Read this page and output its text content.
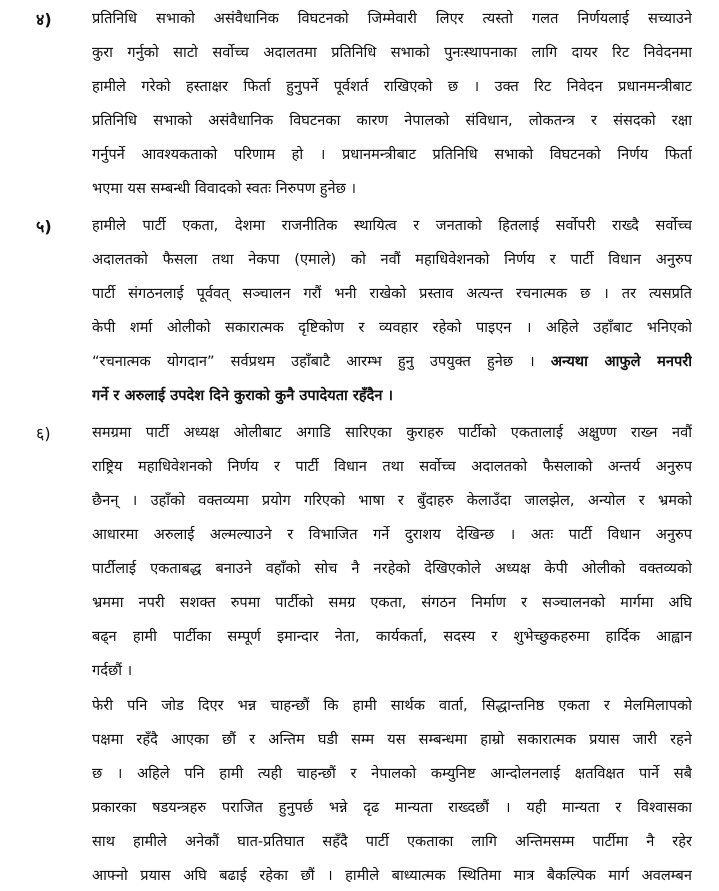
४)	प्रतिनिधि सभाको असंवैधानिक विघटनको जिम्मेवारी लिएर त्यस्तो गलत निर्णयलाई सच्याउने
कुरा गर्नुको साटो सर्वोच्च अदालतमा प्रतिनिधि सभाको पुनःस्थापनाका लागि दायर रिट निवेदनमा
हामीले गरेको हस्ताक्षर फिर्ता हुनुपर्ने पूर्वशर्त राखिएको छ । उक्त रिट निवेदन प्रधानमन्त्रीबाट
प्रतिनिधि सभाको असंवैधानिक विघटनका कारण नेपालको संविधान, लोकतन्त्र र संसदको रक्षा
गर्नुपर्ने आवश्यकताको परिणाम हो । प्रधानमन्त्रीबाट प्रतिनिधि सभाको विघटनको निर्णय फिर्ता
भएमा यस सम्बन्धी विवादको स्वतः निरुपण हुनेछ ।
५)	हामीले पार्टी एकता, देशमा राजनीतिक स्थायित्व र जनताको हितलाई सर्वोपरी राख्दै सर्वोच्च
अदालतको फैसला तथा नेकपा (एमाले) को नवौं महाधिवेशनको निर्णय र पार्टी विधान अनुरुप
पार्टी संगठनलाई पूर्ववत् सञ्चालन गरौं भनी राखेको प्रस्ताव अत्यन्त रचनात्मक छ । तर त्यसप्रति
केपी शर्मा ओलीको सकारात्मक दृष्टिकोण र व्यवहार रहेको पाइएन । अहिले उहाँबाट भनिएको
“रचनात्मक योगदान” सर्वप्रथम उहाँबाटै आरम्भ हुनु उपयुक्त हुनेछ । अन्यथा आफुले मनपरी
गर्ने र अरुलाई उपदेश दिने कुराको कुनै उपादेयता रहँदैन ।
६)	समग्रमा पार्टी अध्यक्ष ओलीबाट अगाडि सारिएका कुराहरु पार्टीको एकतालाई अक्षुण्ण राख्न नवौं
राष्ट्रिय महाधिवेशनको निर्णय र पार्टी विधान तथा सर्वोच्च अदालतको फैसलाको अन्तर्य अनुरुप
छैनन् । उहाँको वक्तव्यमा प्रयोग गरिएको भाषा र बुँदाहरु केलाउँदा जालझेल, अन्योल र भ्रमको
आधारमा अरुलाई अल्मल्याउने र विभाजित गर्ने दुराशय देखिन्छ । अतः पार्टी विधान अनुरुप
पार्टीलाई एकताबद्ध बनाउने वहाँको सोच नै नरहेको देखिएकोले अध्यक्ष केपी ओलीको वक्तव्यको
भ्रममा नपरी सशक्त रुपमा पार्टीको समग्र एकता, संगठन निर्माण र सञ्चालनको मार्गमा अघि
बढ्न हामी पार्टीका सम्पूर्ण इमान्दार नेता, कार्यकर्ता, सदस्य र शुभेच्छुकहरुमा हार्दिक आह्वान
गर्दछौं ।
फेरी पनि जोड दिएर भन्न चाहन्छौं कि हामी सार्थक वार्ता, सिद्धान्तनिष्ठ एकता र मेलमिलापको
पक्षमा रहँदै आएका छौं र अन्तिम घडी सम्म यस सम्बन्धमा हाम्रो सकारात्मक प्रयास जारी रहने
छ । अहिले पनि हामी त्यही चाहन्छौं र नेपालको कम्युनिष्ट आन्दोलनलाई क्षतविक्षत पार्ने सबै
प्रकारका षडयन्त्रहरु पराजित हुनुपर्छ भन्ने दृढ मान्यता राख्दछौं । यही मान्यता र विश्वासका
साथ हामीले अनेकौं घात-प्रतिघात सहँदै पार्टी एकताका लागि अन्तिमसम्म पार्टीमा नै रहेर
आफ्नो प्रयास अघि बढाई रहेका छौं । हामीले बाध्यात्मक स्थितिमा मात्र बैकल्पिक मार्ग अवलम्बन
